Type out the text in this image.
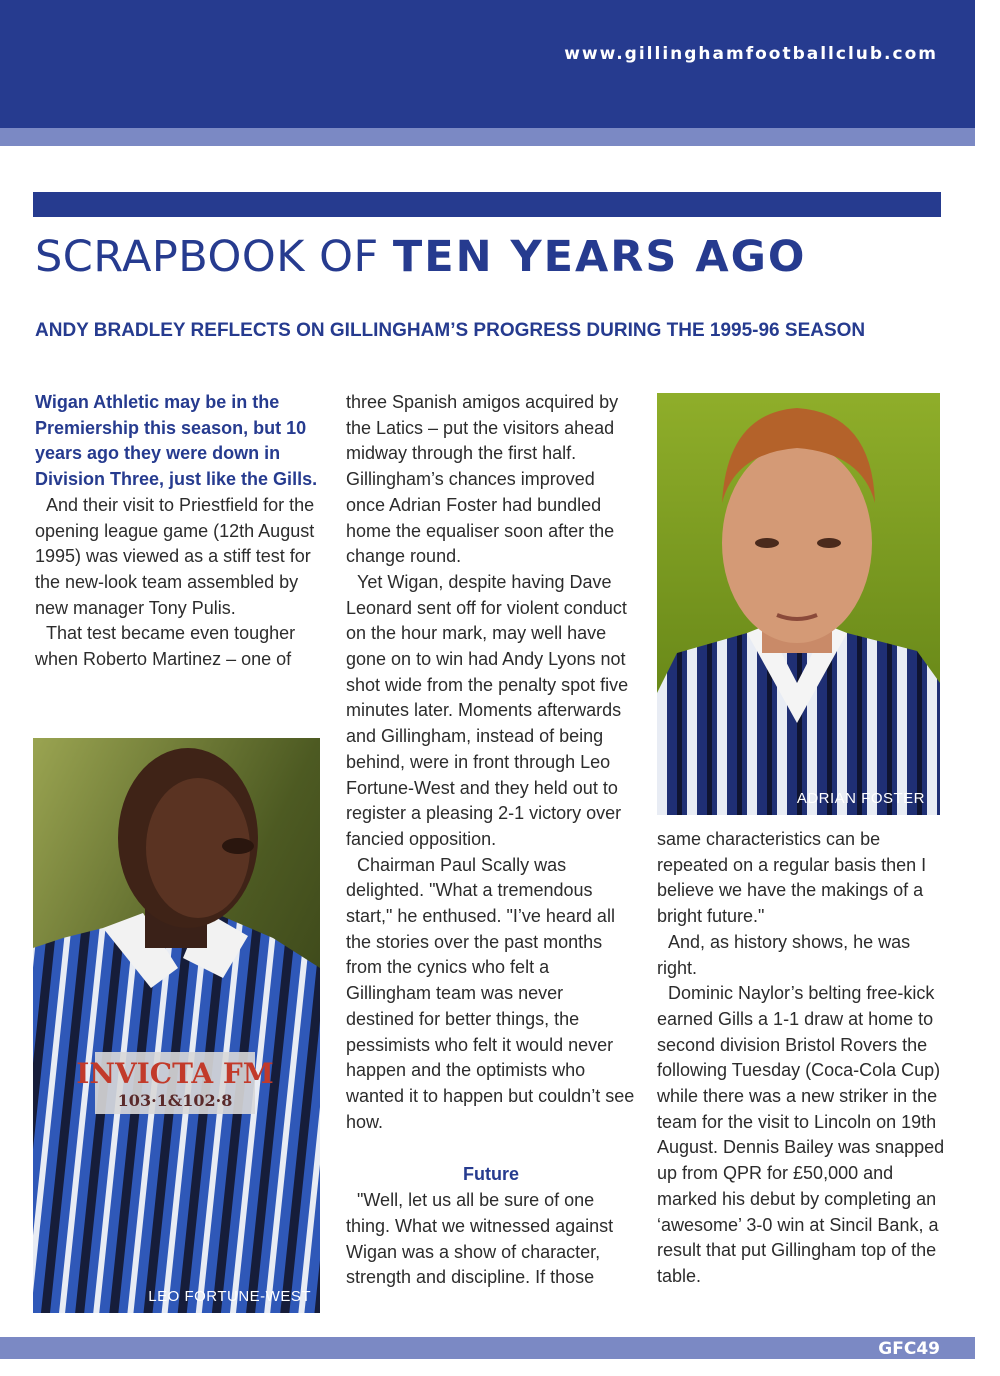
www.gillinghamfootballclub.com
SCRAPBOOK OF TEN YEARS AGO
ANDY BRADLEY REFLECTS ON GILLINGHAM’S PROGRESS DURING THE 1995-96 SEASON

Wigan Athletic may be in the Premiership this season, but 10 years ago they were down in Division Three, just like the Gills.

And their visit to Priestfield for the opening league game (12th August 1995) was viewed as a stiff test for the new-look team assembled by new manager Tony Pulis.

That test became even tougher when Roberto Martinez – one of

INVICTA FM
103·1&102·8
LEO FORTUNE-WEST

three Spanish amigos acquired by the Latics – put the visitors ahead midway through the first half. Gillingham’s chances improved once Adrian Foster had bundled home the equaliser soon after the change round.

Yet Wigan, despite having Dave Leonard sent off for violent conduct on the hour mark, may well have gone on to win had Andy Lyons not shot wide from the penalty spot five minutes later. Moments afterwards and Gillingham, instead of being behind, were in front through Leo Fortune-West and they held out to register a pleasing 2-1 victory over fancied opposition.

Chairman Paul Scally was delighted. "What a tremendous start," he enthused. "I’ve heard all the stories over the past months from the cynics who felt a Gillingham team was never destined for better things, the pessimists who felt it would never happen and the optimists who wanted it to happen but couldn’t see how.

Future

"Well, let us all be sure of one thing. What we witnessed against Wigan was a show of character, strength and discipline. If those

ADRIAN FOSTER

same characteristics can be repeated on a regular basis then I believe we have the makings of a bright future."

And, as history shows, he was right.

Dominic Naylor’s belting free-kick earned Gills a 1-1 draw at home to second division Bristol Rovers the following Tuesday (Coca-Cola Cup) while there was a new striker in the team for the visit to Lincoln on 19th August. Dennis Bailey was snapped up from QPR for £50,000 and marked his debut by completing an ‘awesome’ 3-0 win at Sincil Bank, a result that put Gillingham top of the table.

GFC49
